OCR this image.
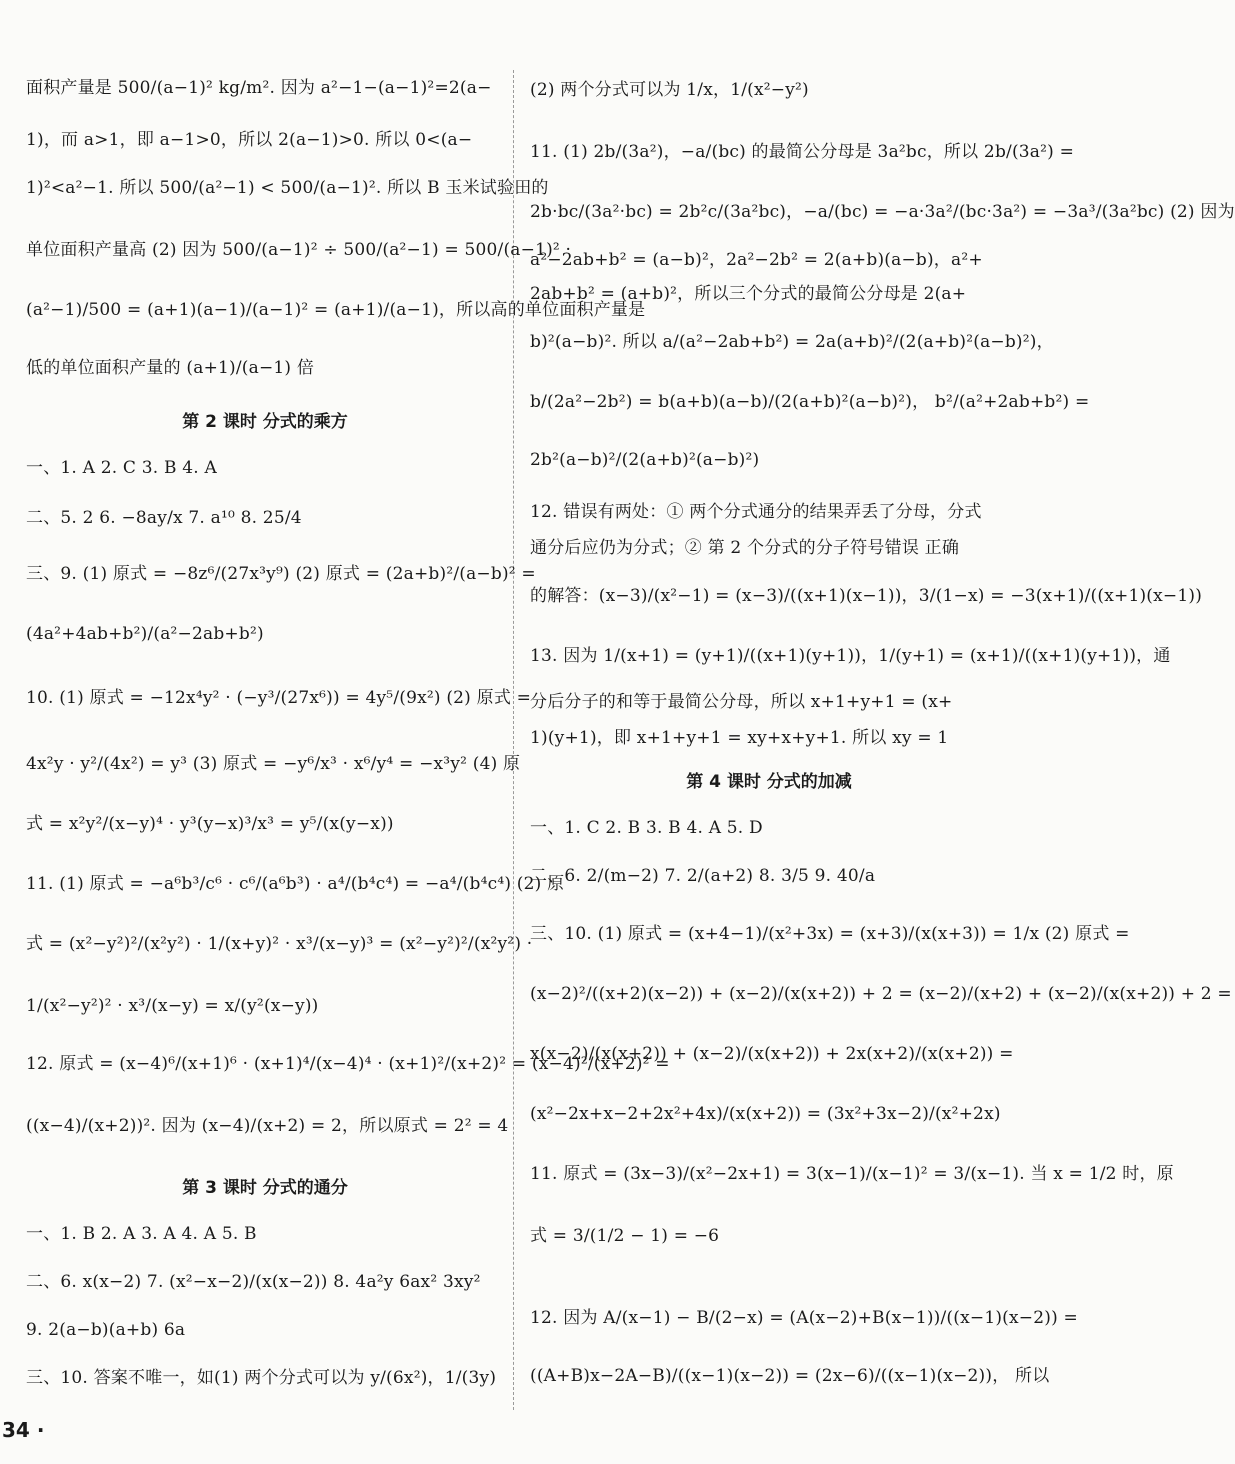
面积产量是 500/(a−1)² kg/m². 因为 a²−1−(a−1)²=2(a−
1)，而 a>1，即 a−1>0，所以 2(a−1)>0. 所以 0<(a−
1)²<a²−1. 所以 500/(a²−1) < 500/(a−1)². 所以 B 玉米试验田的
单位面积产量高 (2) 因为 500/(a−1)² ÷ 500/(a²−1) = 500/(a−1)² ·
(a²−1)/500 = (a+1)(a−1)/(a−1)² = (a+1)/(a−1)，所以高的单位面积产量是
低的单位面积产量的 (a+1)/(a−1) 倍
第 2 课时 分式的乘方
一、1. A 2. C 3. B 4. A
二、5. 2 6. −8ay/x 7. a¹⁰ 8. 25/4
三、9. (1) 原式 = −8z⁶/(27x³y⁹) (2) 原式 = (2a+b)²/(a−b)² =
(4a²+4ab+b²)/(a²−2ab+b²)
10. (1) 原式 = −12x⁴y² · (−y³/(27x⁶)) = 4y⁵/(9x²) (2) 原式 =
4x²y · y²/(4x²) = y³ (3) 原式 = −y⁶/x³ · x⁶/y⁴ = −x³y² (4) 原
式 = x²y²/(x−y)⁴ · y³(y−x)³/x³ = y⁵/(x(y−x))
11. (1) 原式 = −a⁶b³/c⁶ · c⁶/(a⁶b³) · a⁴/(b⁴c⁴) = −a⁴/(b⁴c⁴) (2) 原
式 = (x²−y²)²/(x²y²) · 1/(x+y)² · x³/(x−y)³ = (x²−y²)²/(x²y²) ·
1/(x²−y²)² · x³/(x−y) = x/(y²(x−y))
12. 原式 = (x−4)⁶/(x+1)⁶ · (x+1)⁴/(x−4)⁴ · (x+1)²/(x+2)² = (x−4)²/(x+2)² =
((x−4)/(x+2))². 因为 (x−4)/(x+2) = 2，所以原式 = 2² = 4
第 3 课时 分式的通分
一、1. B 2. A 3. A 4. A 5. B
二、6. x(x−2) 7. (x²−x−2)/(x(x−2)) 8. 4a²y 6ax² 3xy²
9. 2(a−b)(a+b) 6a
三、10. 答案不唯一，如(1) 两个分式可以为 y/(6x²)，1/(3y)
(2) 两个分式可以为 1/x，1/(x²−y²)
11. (1) 2b/(3a²)，−a/(bc) 的最简公分母是 3a²bc，所以 2b/(3a²) =
2b·bc/(3a²·bc) = 2b²c/(3a²bc)，−a/(bc) = −a·3a²/(bc·3a²) = −3a³/(3a²bc) (2) 因为
a²−2ab+b² = (a−b)²，2a²−2b² = 2(a+b)(a−b)，a²+
2ab+b² = (a+b)²，所以三个分式的最简公分母是 2(a+
b)²(a−b)². 所以 a/(a²−2ab+b²) = 2a(a+b)²/(2(a+b)²(a−b)²)，
b/(2a²−2b²) = b(a+b)(a−b)/(2(a+b)²(a−b)²)， b²/(a²+2ab+b²) =
2b²(a−b)²/(2(a+b)²(a−b)²)
12. 错误有两处：① 两个分式通分的结果弄丢了分母，分式
通分后应仍为分式；② 第 2 个分式的分子符号错误 正确
的解答：(x−3)/(x²−1) = (x−3)/((x+1)(x−1))，3/(1−x) = −3(x+1)/((x+1)(x−1))
13. 因为 1/(x+1) = (y+1)/((x+1)(y+1))，1/(y+1) = (x+1)/((x+1)(y+1))，通
分后分子的和等于最简公分母，所以 x+1+y+1 = (x+
1)(y+1)，即 x+1+y+1 = xy+x+y+1. 所以 xy = 1
第 4 课时 分式的加减
一、1. C 2. B 3. B 4. A 5. D
二、6. 2/(m−2) 7. 2/(a+2) 8. 3/5 9. 40/a
三、10. (1) 原式 = (x+4−1)/(x²+3x) = (x+3)/(x(x+3)) = 1/x (2) 原式 =
(x−2)²/((x+2)(x−2)) + (x−2)/(x(x+2)) + 2 = (x−2)/(x+2) + (x−2)/(x(x+2)) + 2 =
x(x−2)/(x(x+2)) + (x−2)/(x(x+2)) + 2x(x+2)/(x(x+2)) =
(x²−2x+x−2+2x²+4x)/(x(x+2)) = (3x²+3x−2)/(x²+2x)
11. 原式 = (3x−3)/(x²−2x+1) = 3(x−1)/(x−1)² = 3/(x−1). 当 x = 1/2 时，原
式 = 3/(1/2 − 1) = −6
12. 因为 A/(x−1) − B/(2−x) = (A(x−2)+B(x−1))/((x−1)(x−2)) =
((A+B)x−2A−B)/((x−1)(x−2)) = (2x−6)/((x−1)(x−2))， 所以
34 ·
